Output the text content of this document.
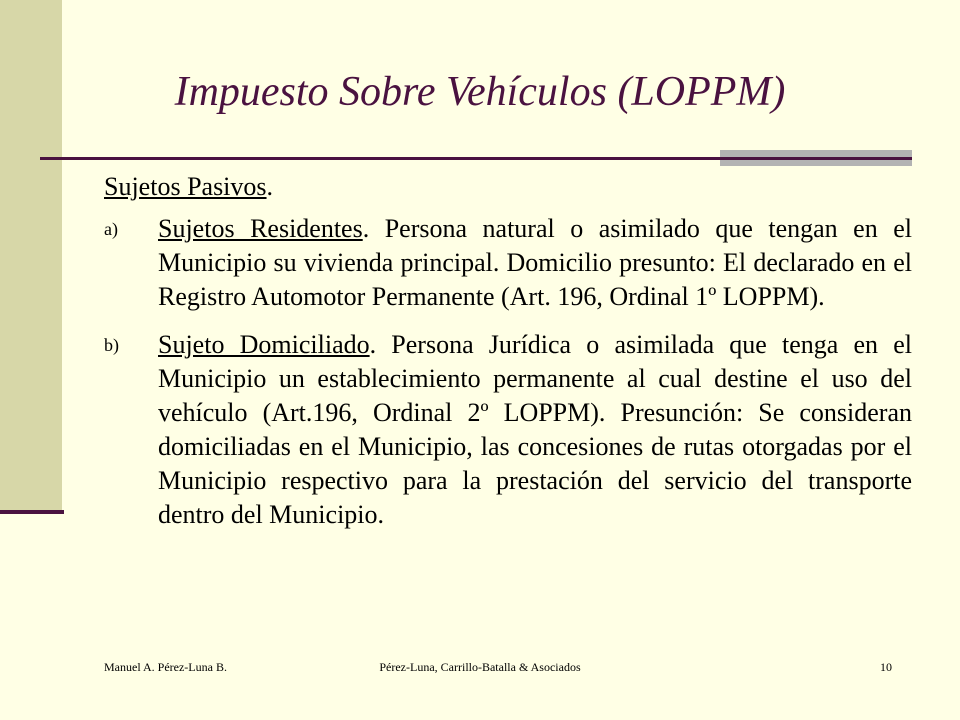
Impuesto Sobre Vehículos (LOPPM)
Sujetos Pasivos.
a)	Sujetos Residentes. Persona natural o asimilado que tengan en el Municipio su vivienda principal. Domicilio presunto: El declarado en el Registro Automotor Permanente (Art. 196, Ordinal 1º LOPPM).
b)	Sujeto Domiciliado. Persona Jurídica o asimilada que tenga en el Municipio un establecimiento permanente al cual destine el uso del vehículo (Art.196, Ordinal 2º LOPPM). Presunción: Se consideran domiciliadas en el Municipio, las concesiones de rutas otorgadas por el Municipio respectivo para la prestación del servicio del transporte dentro del Municipio.
Pérez-Luna, Carrillo-Batalla & Asociados
Manuel A. Pérez-Luna B.	10
